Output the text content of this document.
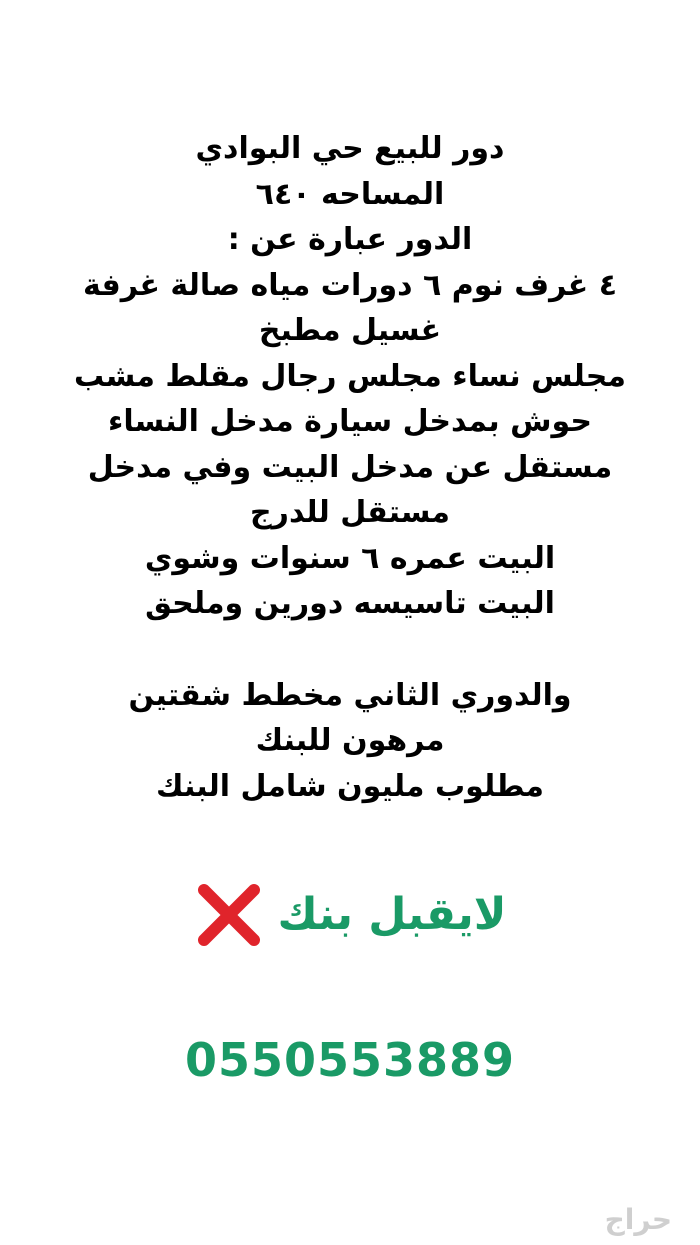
دور للبيع حي البوادي
المساحه ٦٤٠
الدور عبارة عن :
٤ غرف نوم ٦ دورات مياه صالة غرفة
غسيل مطبخ
مجلس نساء مجلس رجال مقلط مشب
حوش بمدخل سيارة مدخل النساء
مستقل عن مدخل البيت وفي مدخل
مستقل للدرج
البيت عمره ٦ سنوات وشوي
البيت تاسيسه دورين وملحق
والدوري الثاني مخطط شقتين
مرهون للبنك
مطلوب مليون شامل البنك
لايقبل بنك
0550553889
حراج
